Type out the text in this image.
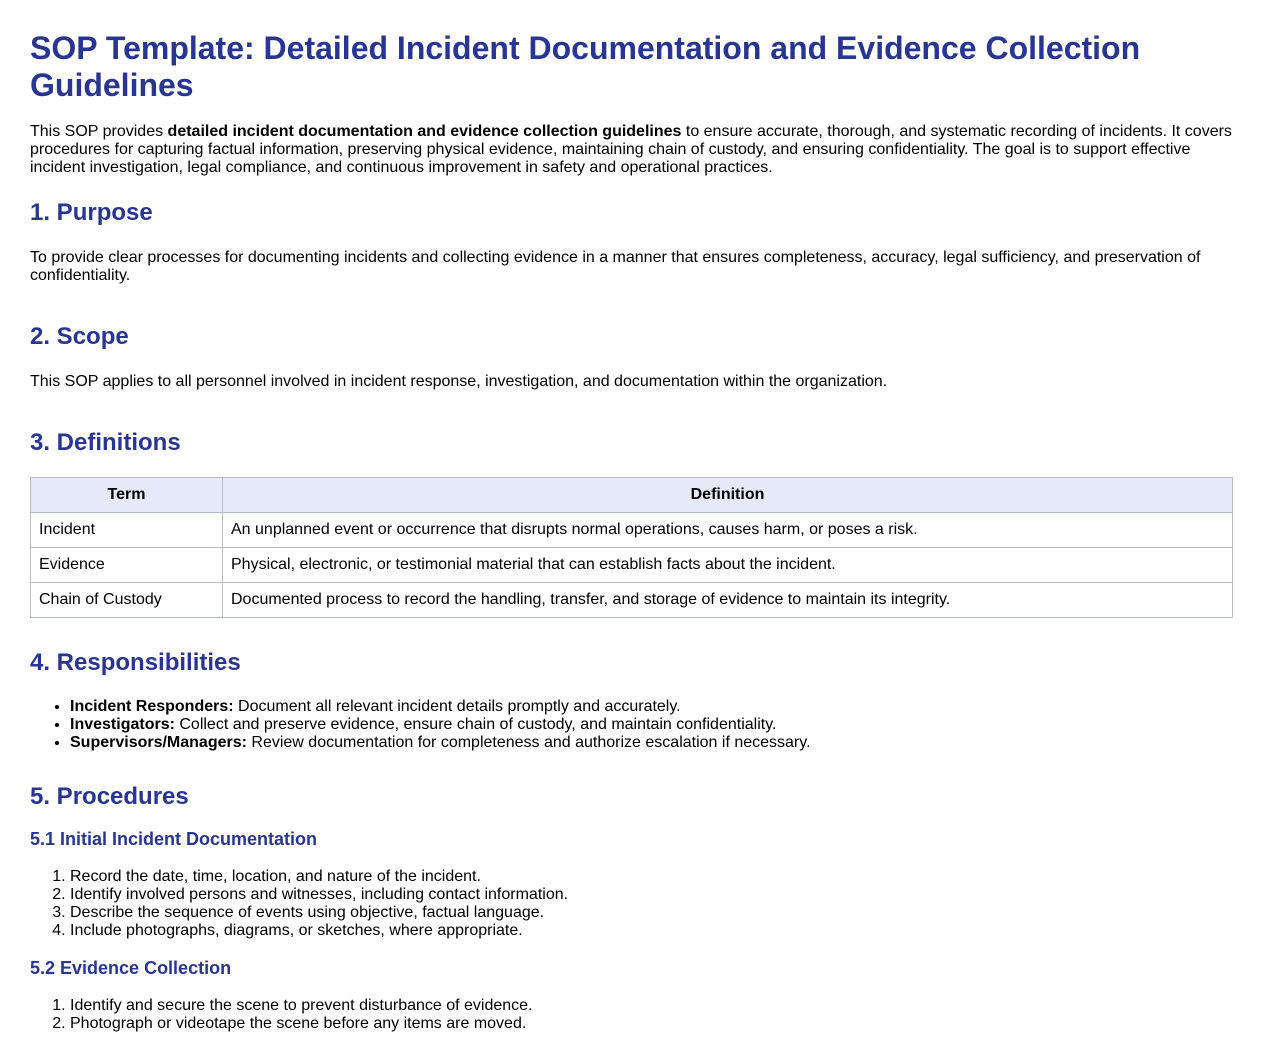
SOP Template: Detailed Incident Documentation and Evidence Collection Guidelines

This SOP provides detailed incident documentation and evidence collection guidelines to ensure accurate, thorough, and systematic recording of incidents. It covers procedures for capturing factual information, preserving physical evidence, maintaining chain of custody, and ensuring confidentiality. The goal is to support effective incident investigation, legal compliance, and continuous improvement in safety and operational practices.

1. Purpose

To provide clear processes for documenting incidents and collecting evidence in a manner that ensures completeness, accuracy, legal sufficiency, and preservation of confidentiality.

2. Scope

This SOP applies to all personnel involved in incident response, investigation, and documentation within the organization.

3. Definitions
Term	Definition
Incident	An unplanned event or occurrence that disrupts normal operations, causes harm, or poses a risk.
Evidence	Physical, electronic, or testimonial material that can establish facts about the incident.
Chain of Custody	Documented process to record the handling, transfer, and storage of evidence to maintain its integrity.
4. Responsibilities
• Incident Responders: Document all relevant incident details promptly and accurately.
• Investigators: Collect and preserve evidence, ensure chain of custody, and maintain confidentiality.
• Supervisors/Managers: Review documentation for completeness and authorize escalation if necessary.
5. Procedures
5.1 Initial Incident Documentation
1. Record the date, time, location, and nature of the incident.
2. Identify involved persons and witnesses, including contact information.
3. Describe the sequence of events using objective, factual language.
4. Include photographs, diagrams, or sketches, where appropriate.
5.2 Evidence Collection
1. Identify and secure the scene to prevent disturbance of evidence.
2. Photograph or videotape the scene before any items are moved.
